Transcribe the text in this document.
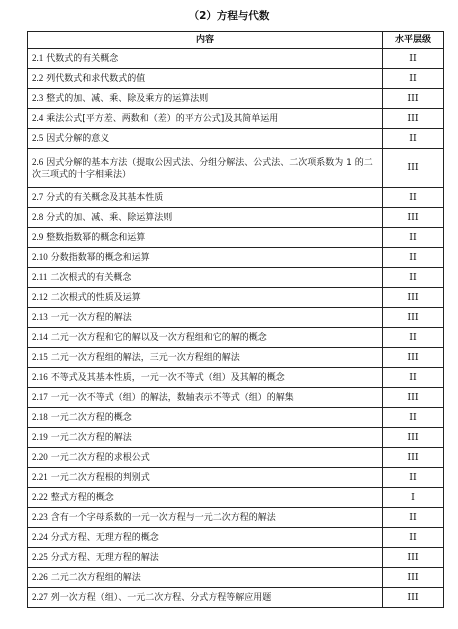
（2）方程与代数
内容	水平层级
2.1 代数式的有关概念	II
2.2 列代数式和求代数式的值	II
2.3 整式的加、减、乘、除及乘方的运算法则	III
2.4 乘法公式[平方差、两数和（差）的平方公式]及其简单运用	III
2.5 因式分解的意义	II
2.6 因式分解的基本方法（提取公因式法、分组分解法、公式法、二次项系数为 1 的二次三项式的十字相乘法）	III
2.7 分式的有关概念及其基本性质	II
2.8 分式的加、减、乘、除运算法则	III
2.9 整数指数幂的概念和运算	II
2.10 分数指数幂的概念和运算	II
2.11 二次根式的有关概念	II
2.12 二次根式的性质及运算	III
2.13 一元一次方程的解法	III
2.14 二元一次方程和它的解以及一次方程组和它的解的概念	II
2.15 二元一次方程组的解法，三元一次方程组的解法	III
2.16 不等式及其基本性质，一元一次不等式（组）及其解的概念	II
2.17 一元一次不等式（组）的解法，数轴表示不等式（组）的解集	III
2.18 一元二次方程的概念	II
2.19 一元二次方程的解法	III
2.20 一元二次方程的求根公式	III
2.21 一元二次方程根的判别式	II
2.22 整式方程的概念	I
2.23 含有一个字母系数的一元一次方程与一元二次方程的解法	II
2.24 分式方程、无理方程的概念	II
2.25 分式方程、无理方程的解法	III
2.26 二元二次方程组的解法	III
2.27 列一次方程（组）、一元二次方程、分式方程等解应用题	III
